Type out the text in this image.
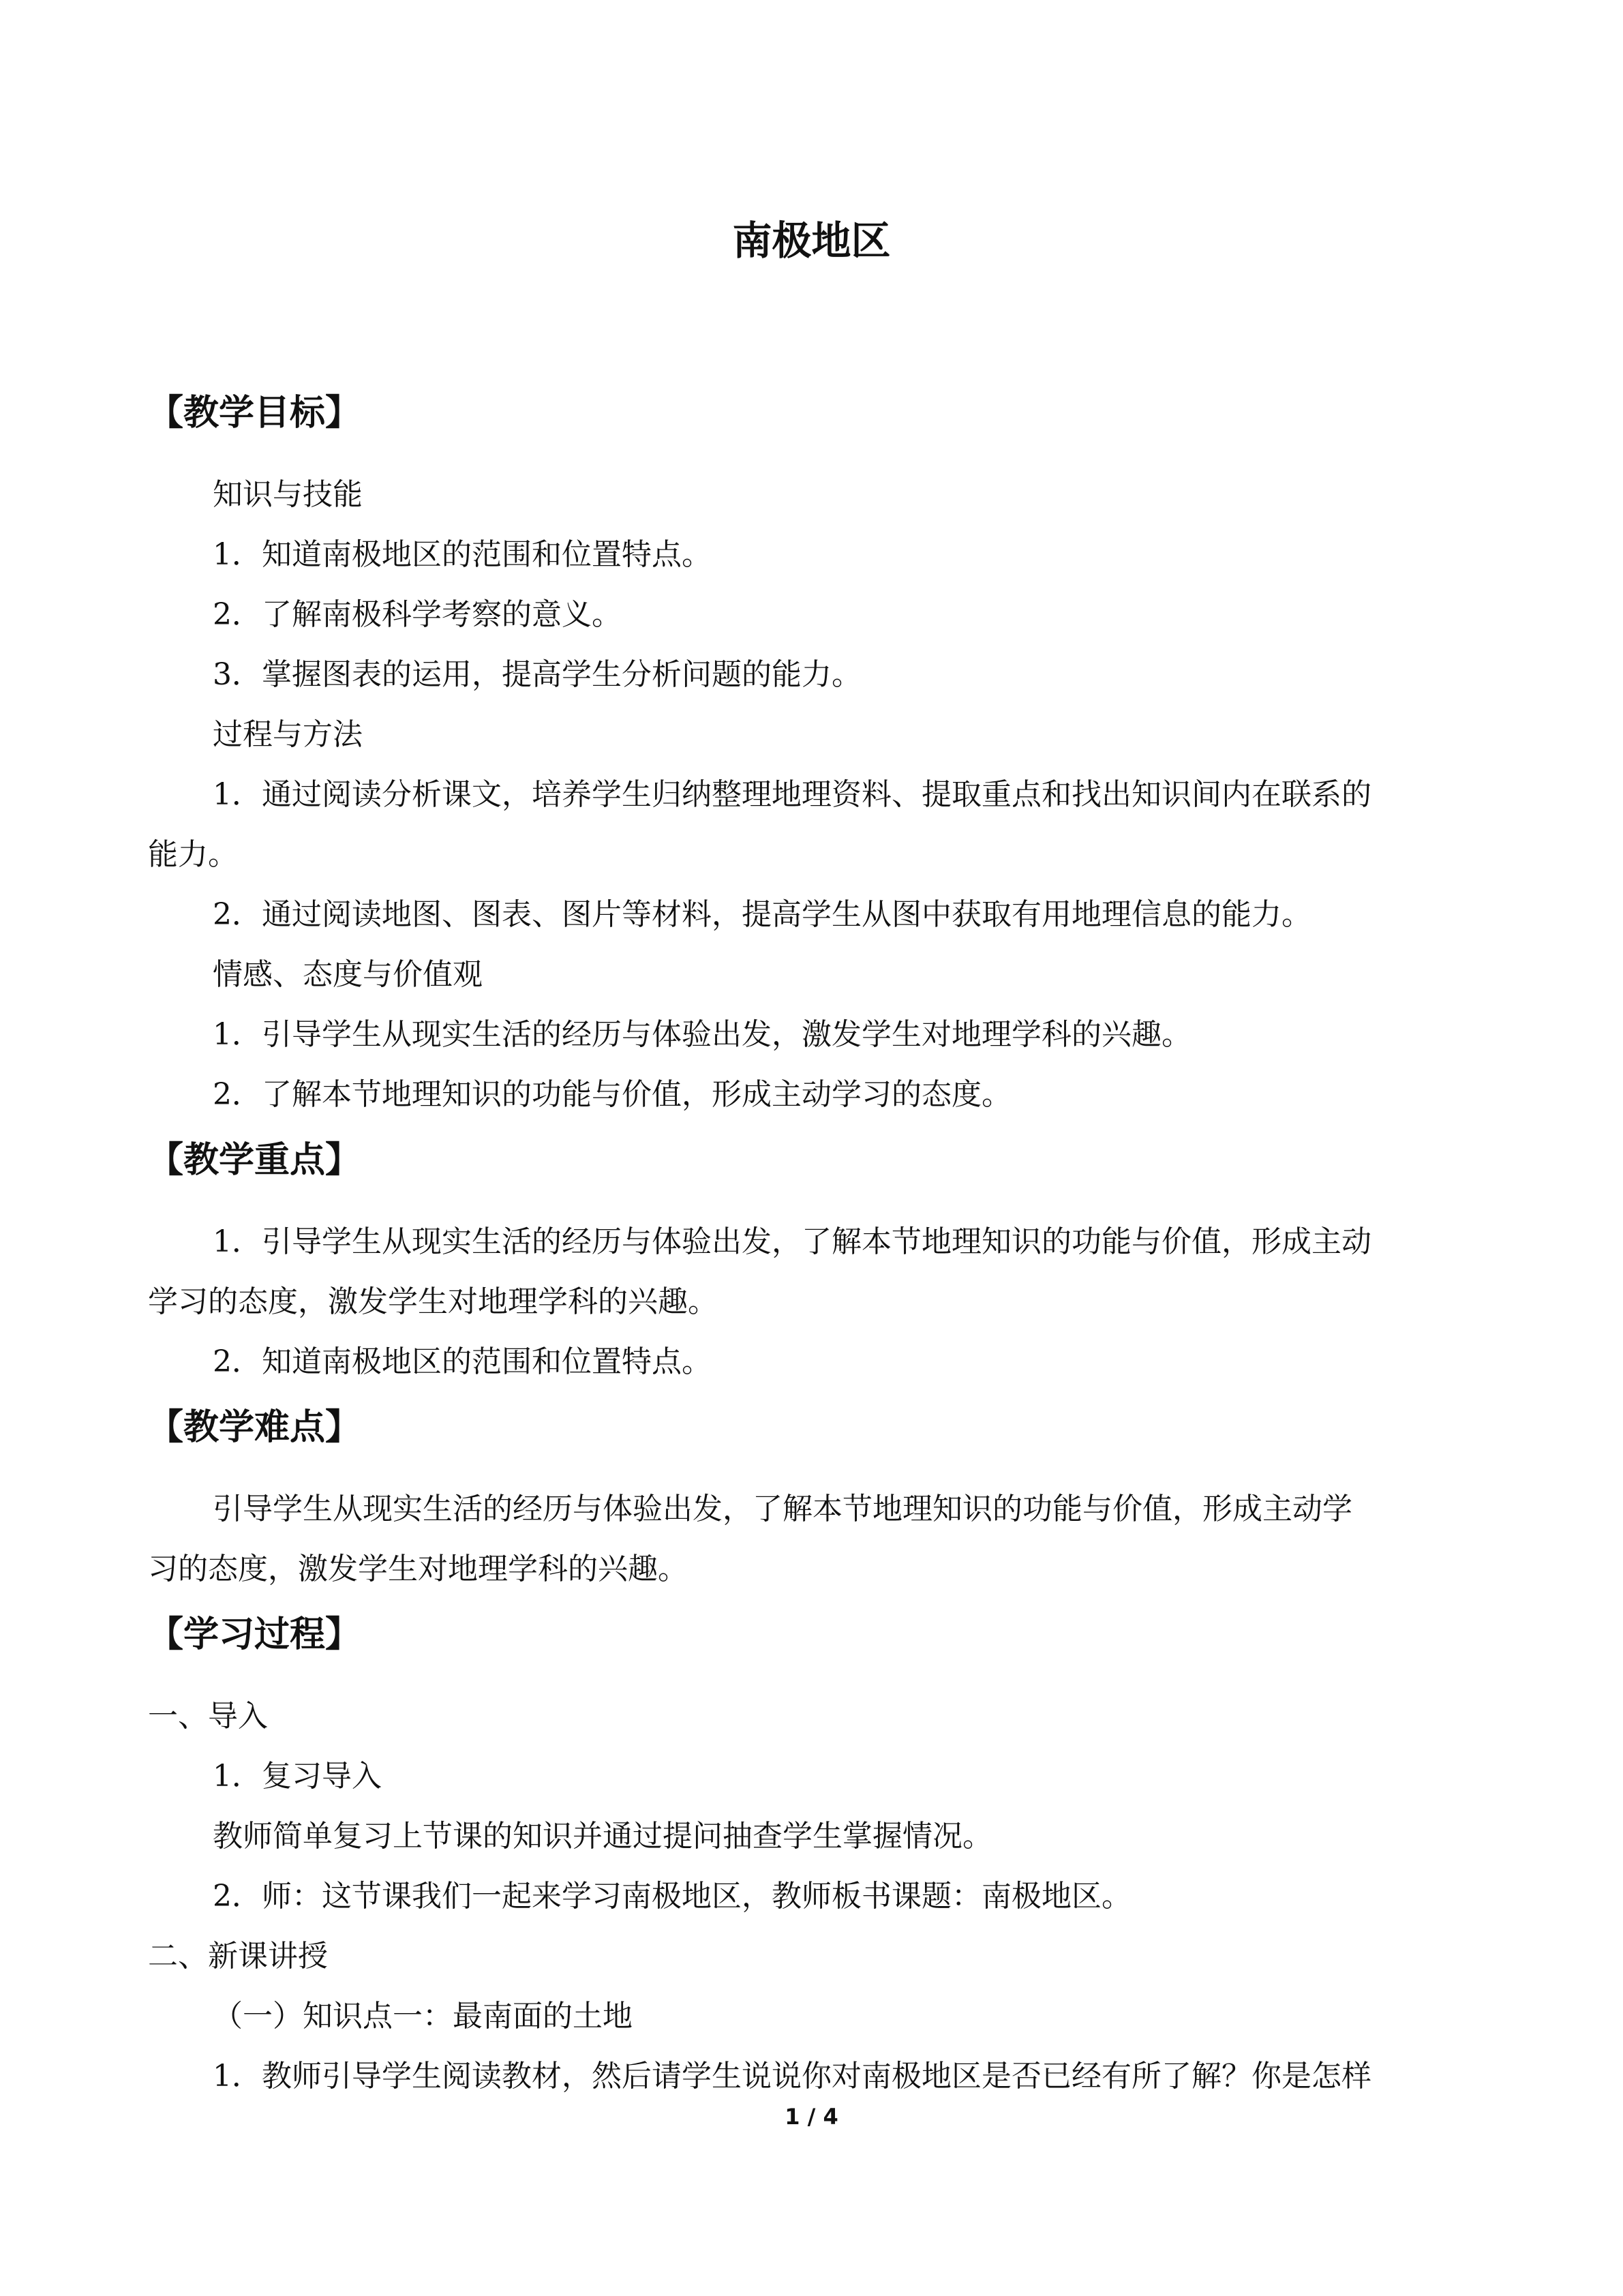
南极地区
【教学目标】
知识与技能
1．知道南极地区的范围和位置特点。
2．了解南极科学考察的意义。
3．掌握图表的运用，提高学生分析问题的能力。
过程与方法
1．通过阅读分析课文，培养学生归纳整理地理资料、提取重点和找出知识间内在联系的
能力。
2．通过阅读地图、图表、图片等材料，提高学生从图中获取有用地理信息的能力。
情感、态度与价值观
1．引导学生从现实生活的经历与体验出发，激发学生对地理学科的兴趣。
2．了解本节地理知识的功能与价值，形成主动学习的态度。
【教学重点】
1．引导学生从现实生活的经历与体验出发，了解本节地理知识的功能与价值，形成主动
学习的态度，激发学生对地理学科的兴趣。
2．知道南极地区的范围和位置特点。
【教学难点】
引导学生从现实生活的经历与体验出发，了解本节地理知识的功能与价值，形成主动学
习的态度，激发学生对地理学科的兴趣。
【学习过程】
一、导入
1．复习导入
教师简单复习上节课的知识并通过提问抽查学生掌握情况。
2．师：这节课我们一起来学习南极地区，教师板书课题：南极地区。
二、新课讲授
（一）知识点一：最南面的土地
1．教师引导学生阅读教材，然后请学生说说你对南极地区是否已经有所了解？你是怎样
1 / 4
